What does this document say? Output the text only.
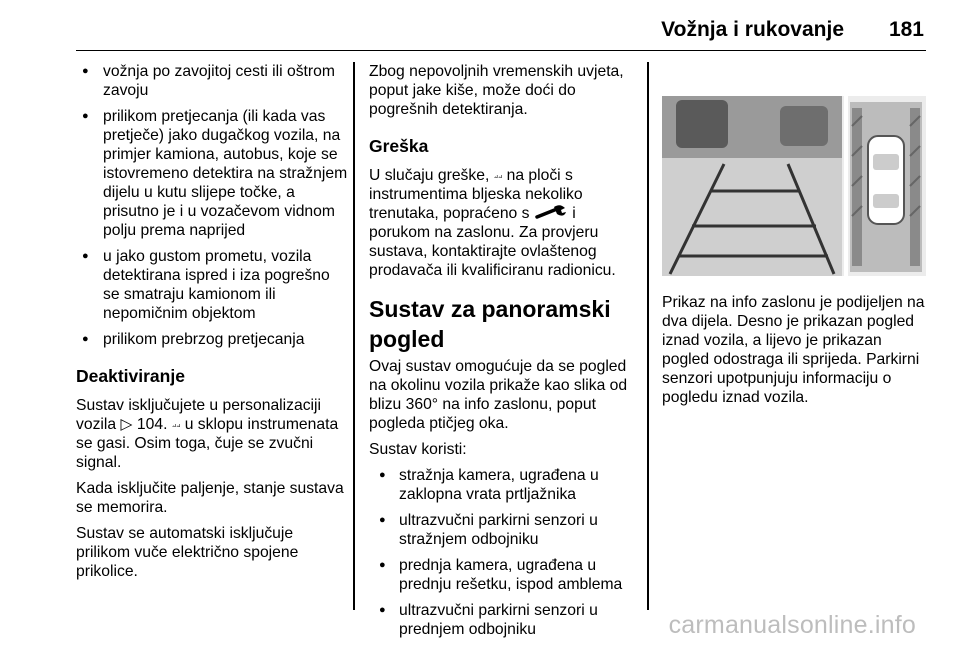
Vožnja i rukovanje 181
● vožnja po zavojitoj cesti ili oštrom zavoju
● prilikom pretjecanja (ili kada vas pretječe) jako dugačkog vozila, na primjer kamiona, autobus, koje se istovremeno detektira na stražnjem dijelu u kutu slijepe točke, a prisutno je i u vozačevom vidnom polju prema naprijed
● u jako gustom prometu, vozila detektirana ispred i iza pogrešno se smatraju kamionom ili nepomičnim objektom
● prilikom prebrzog pretjecanja
Deaktiviranje

Sustav isključujete u personalizaciji vozila ▷ 104. ⟓⟓ u sklopu instrumenata se gasi. Osim toga, čuje se zvučni signal.

Kada isključite paljenje, stanje sustava se memorira.

Sustav se automatski isključuje prilikom vuče električno spojene prikolice.

Zbog nepovoljnih vremenskih uvjeta, poput jake kiše, može doći do pogrešnih detektiranja.

Greška

U slučaju greške, ⟓⟓ na ploči s instrumentima bljeska nekoliko trenutaka, popraćeno s	i porukom na zaslonu. Za provjeru sustava, kontaktirajte ovlaštenog prodavača ili kvalificiranu radionicu.

Sustav za panoramski pogled

Ovaj sustav omogućuje da se pogled na okolinu vozila prikaže kao slika od blizu 360° na info zaslonu, poput pogleda ptičjeg oka.

Sustav koristi:

● stražnja kamera, ugrađena u zaklopna vrata prtljažnika
● ultrazvučni parkirni senzori u stražnjem odbojniku
● prednja kamera, ugrađena u prednju rešetku, ispod amblema
● ultrazvučni parkirni senzori u prednjem odbojniku

Prikaz na info zaslonu je podijeljen na dva dijela. Desno je prikazan pogled iznad vozila, a lijevo je prikazan pogled odostraga ili sprijeda. Parkirni senzori upotpunjuju informaciju o pogledu iznad vozila.

carmanualsonline.info
